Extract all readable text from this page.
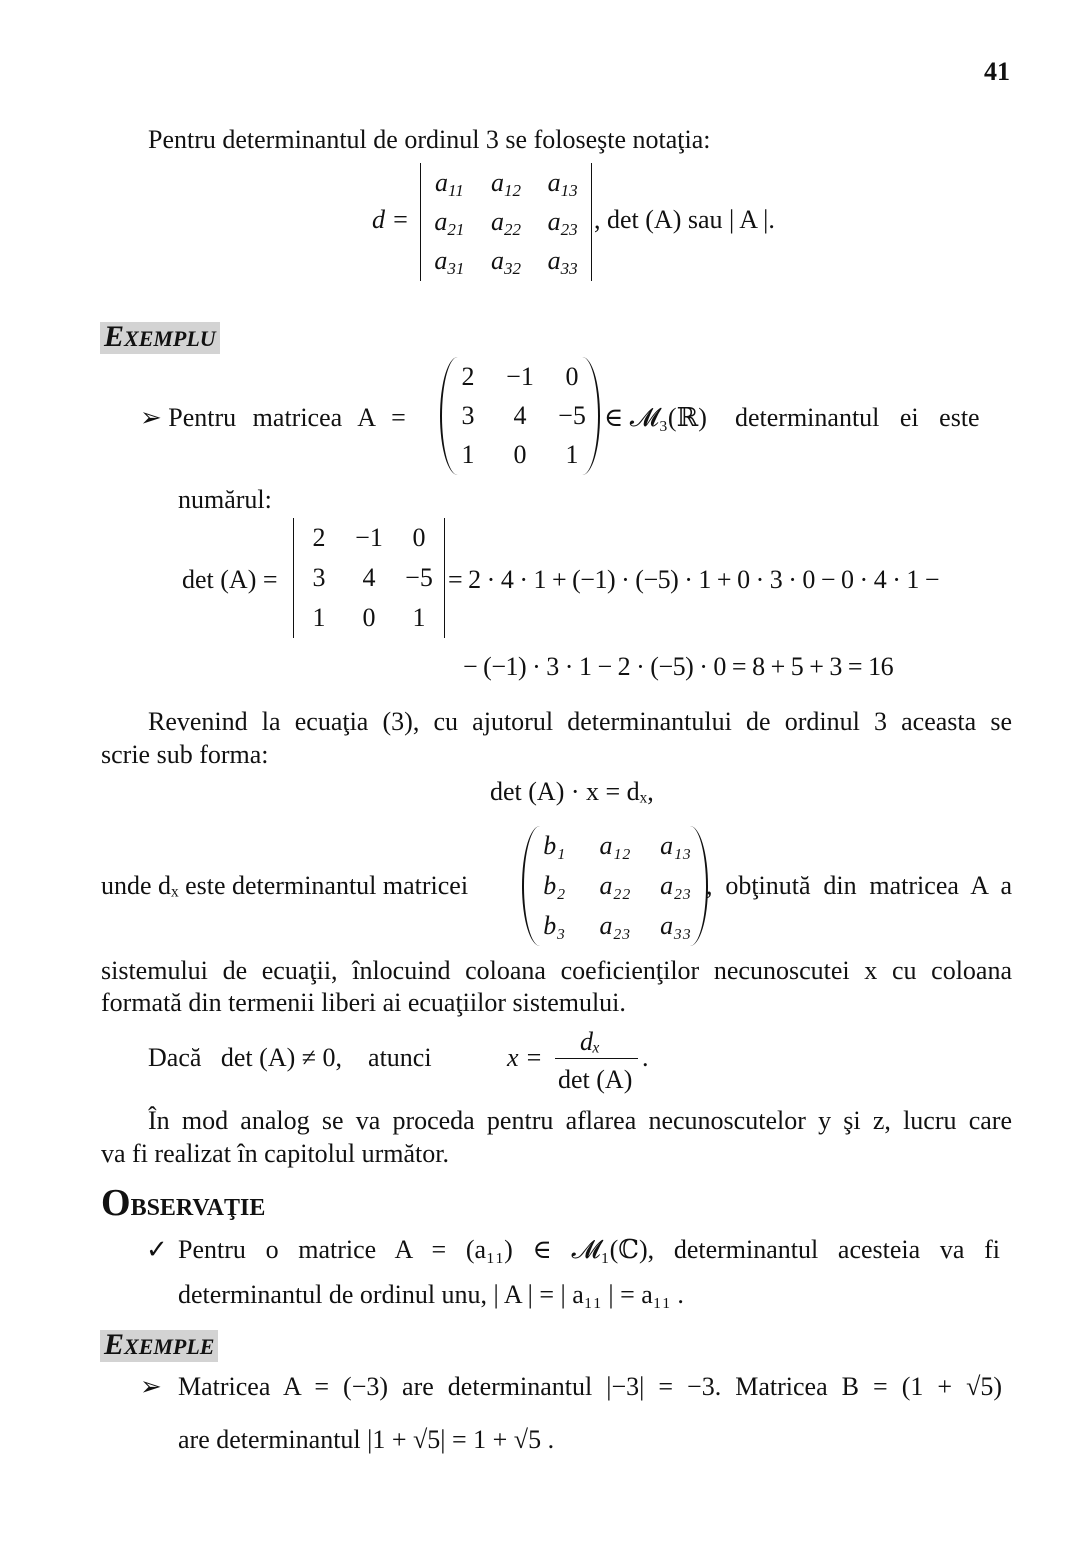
41
Pentru determinantul de ordinul 3 se foloseşte notaţia:
d =
$a_{11}$	$a_{12}$	$a_{13}$
$a_{21}$	$a_{22}$	$a_{23}$
$a_{31}$	$a_{32}$	$a_{33}$
, det (A) sau | A |.
EXEMPLU
➢ Pentru matricea A =
2	−1	0
3	4	−5
1	0	1
∈ 𝓜₃(ℝ) determinantul ei este
numărul:
det (A) =
2	−1	0
3	4	−5
1	0	1
= 2 · 4 · 1 + (−1) · (−5) · 1 + 0 · 3 · 0 − 0 · 4 · 1 −
− (−1) · 3 · 1 − 2 · (−5) · 0 = 8 + 5 + 3 = 16
Revenind la ecuaţia (3), cu ajutorul determinantului de ordinul 3 aceasta se
scrie sub forma:
det (A) · x = dₓ,
unde dₓ este determinantul matricei
b₁	a₁₂	a₁₃
b₂	a₂₂	a₂₃
b₃	a₂₃	a₃₃
, obţinută din matricea A a
sistemului de ecuaţii, înlocuind coloana coeficienţilor necunoscutei x cu coloana
formată din termenii liberi ai ecuaţiilor sistemului.
Dacă   det (A) ≠ 0,    atunci	x =
dₓ
det (A)
.
În mod analog se va proceda pentru aflarea necunoscutelor y şi z, lucru care
va fi realizat în capitolul următor.
OBSERVAŢIE
✓ Pentru o matrice A = (a₁₁) ∈ 𝓜₁(ℂ), determinantul acesteia va fi
determinantul de ordinul unu, | A | = | a₁₁ | = a₁₁ .
EXEMPLE
➢ Matricea A = (−3) are determinantul |−3| = −3. Matricea B = (1 + √5)
are determinantul |1 + √5| = 1 + √5 .
